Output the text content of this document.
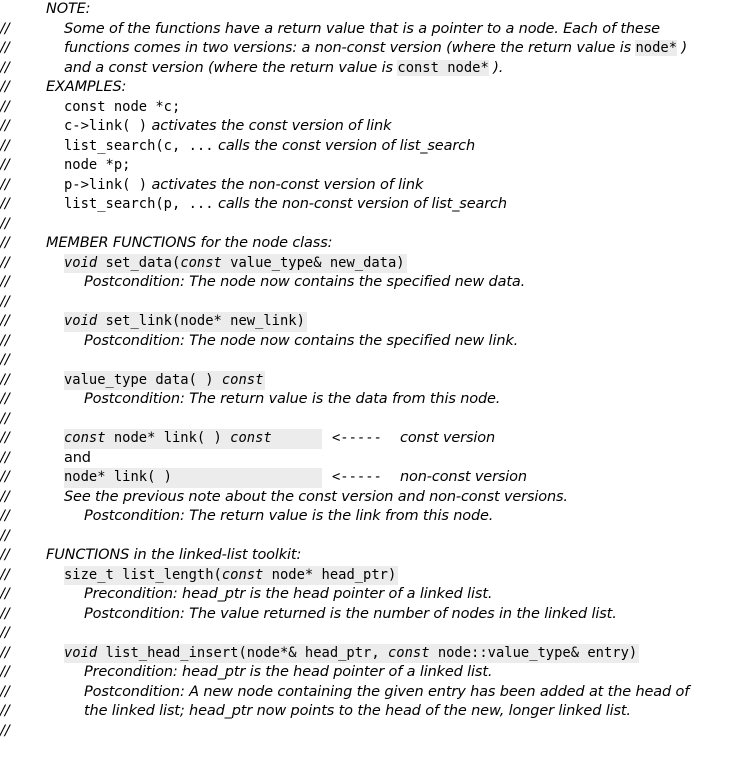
//

NOTE:

//

Some of the functions have a return value that is a pointer to a node. Each of these

//

functions comes in two versions: a non-const version (where the return value is node* )

//

and a const version (where the return value is const node* ).

//

EXAMPLES:

//

const node *c;

//

c->link( ) activates the const version of link

//

list_search(c, ... calls the const version of list_search

//

node *p;

//

p->link( ) activates the non-const version of link

//

list_search(p, ... calls the non-const version of list_search

//

//

MEMBER FUNCTIONS for the node class:

//

void set_data(const value_type& new_data)

//

Postcondition: The node now contains the specified new data.

//

//

void set_link(node* new_link)

//

Postcondition: The node now contains the specified new link.

//

//

value_type data( ) const

//

Postcondition: The return value is the data from this node.

//

//

const node* link( ) const

	<-----

const version

//

and

//

node* link( )

	<-----

non-const version

//

See the previous note about the const version and non-const versions.

//

Postcondition: The return value is the link from this node.

//

//

FUNCTIONS in the linked-list toolkit:

//

size_t list_length(const node* head_ptr)

//

Precondition: head_ptr is the head pointer of a linked list.

//

Postcondition: The value returned is the number of nodes in the linked list.

//

//

void list_head_insert(node*& head_ptr, const node::value_type& entry)

//

Precondition: head_ptr is the head pointer of a linked list.

//

Postcondition: A new node containing the given entry has been added at the head of

//

the linked list; head_ptr now points to the head of the new, longer linked list.
